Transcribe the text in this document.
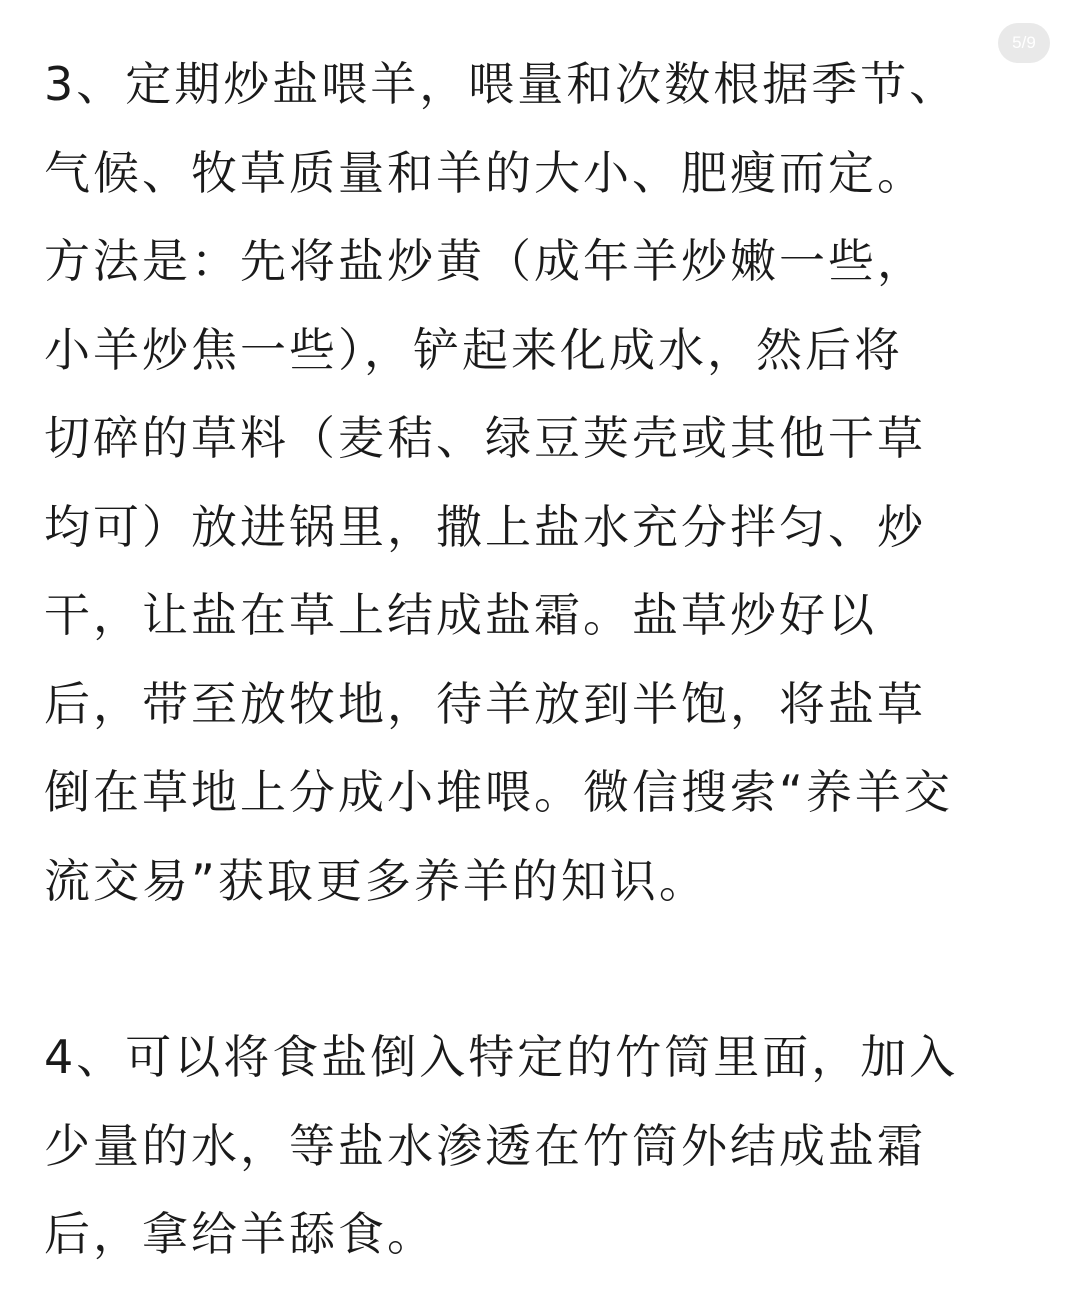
5/9
3、定期炒盐喂羊，喂量和次数根据季节、
气候、牧草质量和羊的大小、肥瘦而定。
方法是：先将盐炒黄（成年羊炒嫩一些，
小羊炒焦一些），铲起来化成水，然后将
切碎的草料（麦秸、绿豆荚壳或其他干草
均可）放进锅里，撒上盐水充分拌匀、炒
干，让盐在草上结成盐霜。盐草炒好以
后，带至放牧地，待羊放到半饱，将盐草
倒在草地上分成小堆喂。微信搜索“养羊交
流交易”获取更多养羊的知识。
4、可以将食盐倒入特定的竹筒里面，加入
少量的水，等盐水渗透在竹筒外结成盐霜
后，拿给羊舔食。
